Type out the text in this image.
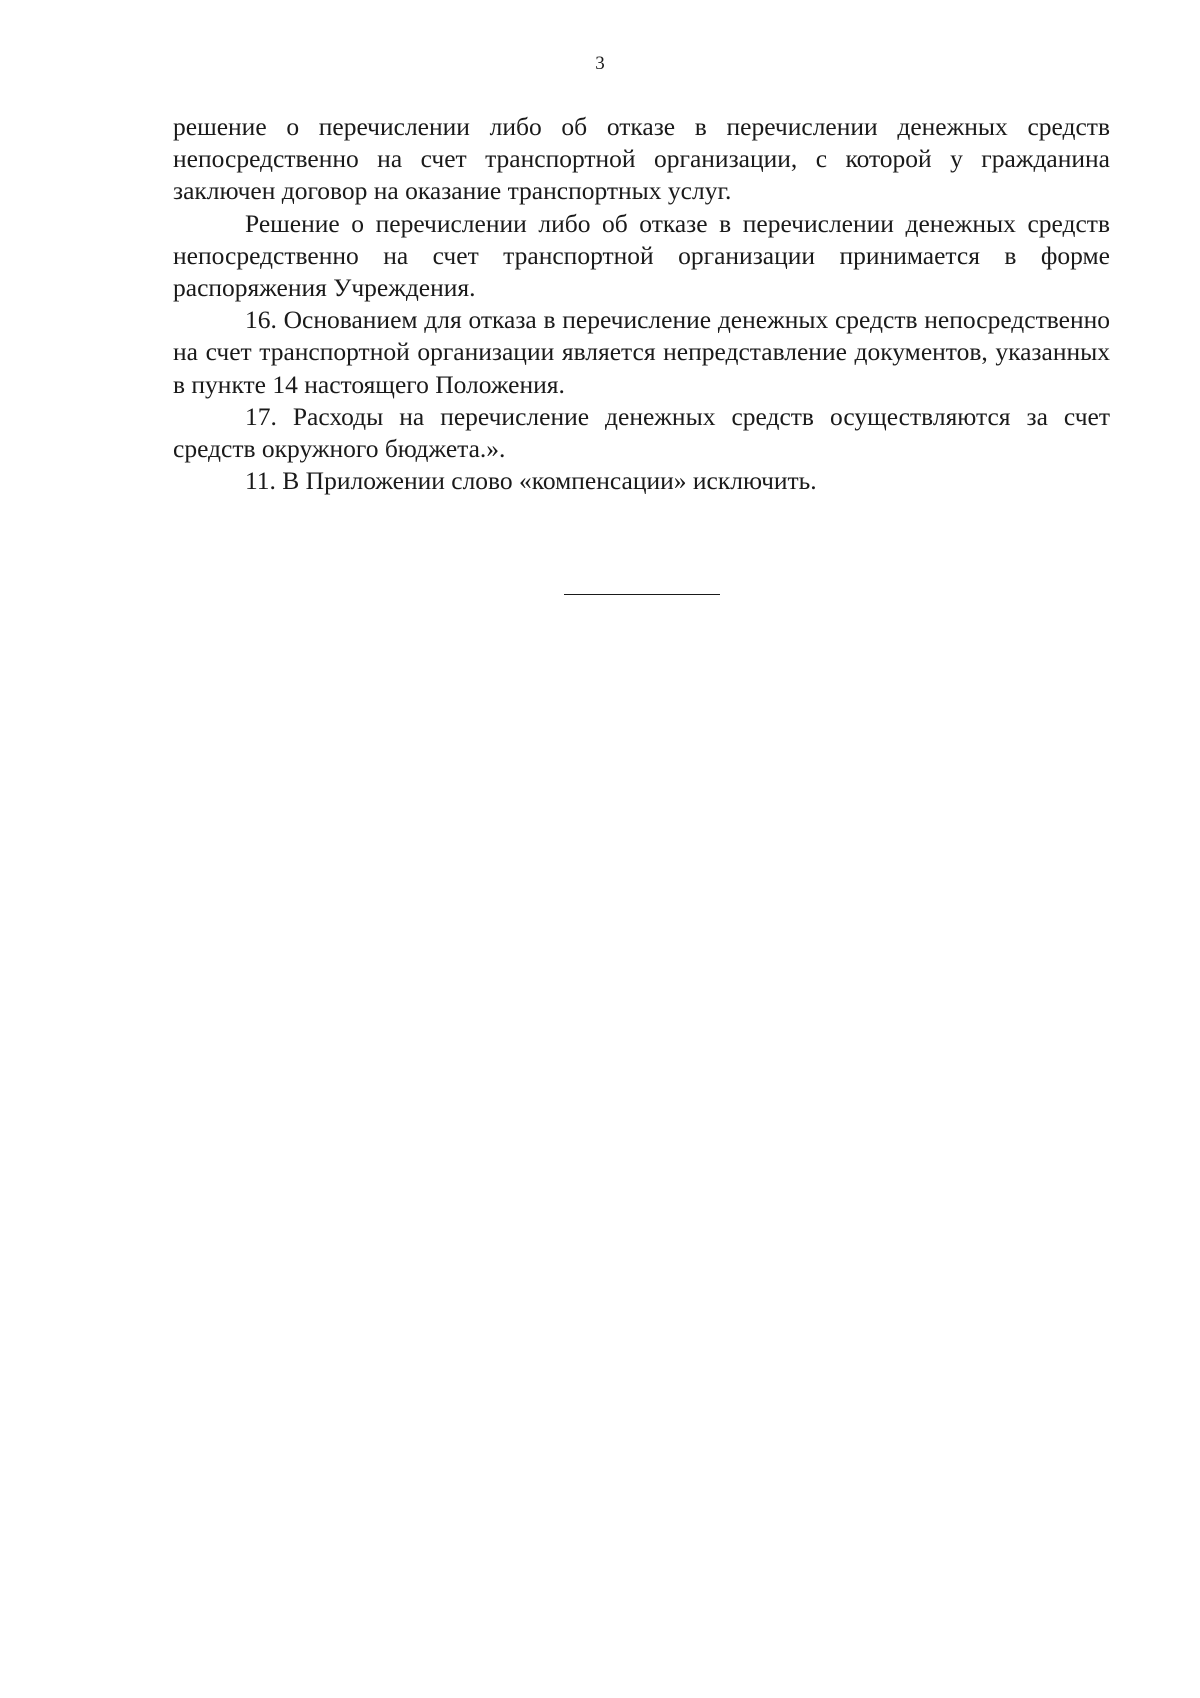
3

решение о перечислении либо об отказе в перечислении денежных средств непосредственно на счет транспортной организации, с которой у гражданина заключен договор на оказание транспортных услуг.

Решение о перечислении либо об отказе в перечислении денежных средств непосредственно на счет транспортной организации принимается в форме распоряжения Учреждения.

16. Основанием для отказа в перечисление денежных средств непосредственно на счет транспортной организации является непредставление документов, указанных в пункте 14 настоящего Положения.

17. Расходы на перечисление денежных средств осуществляются за счет средств окружного бюджета.».

11. В Приложении слово «компенсации» исключить.
